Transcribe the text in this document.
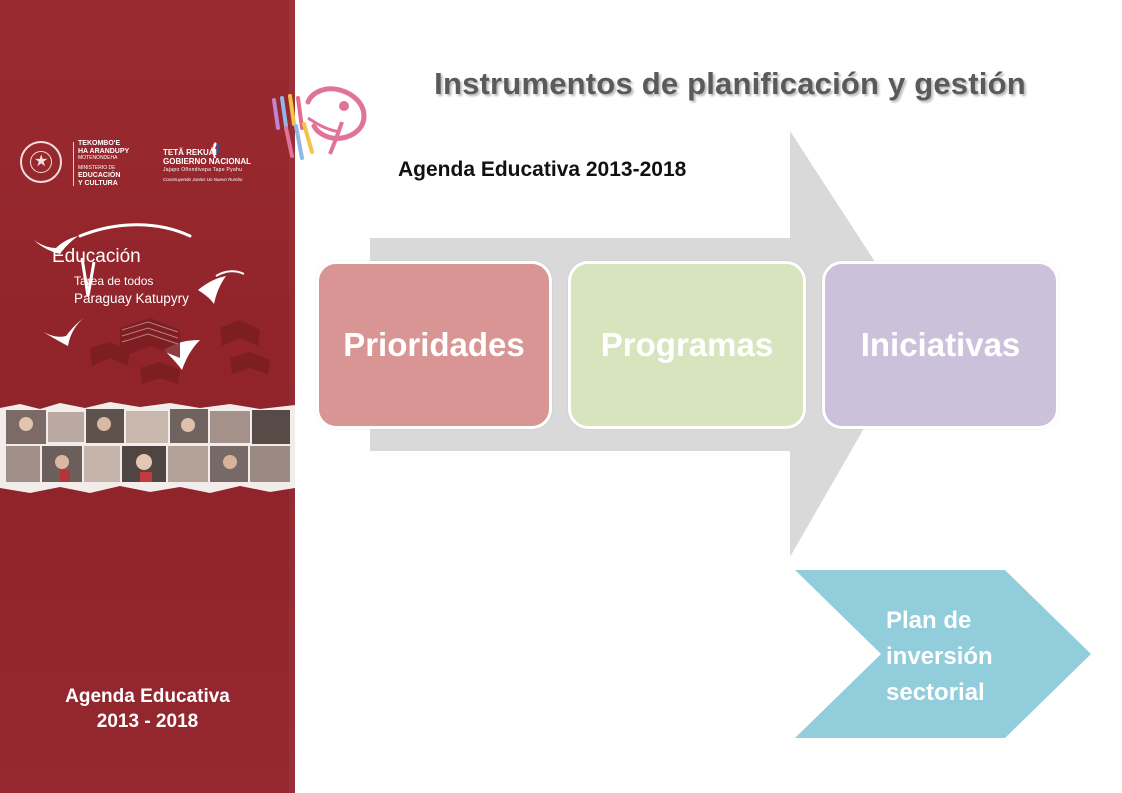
★
TEKOMBO'E
HA ARANDUPY
MOTENONDEHA
MINISTERIO DE
EDUCACIÓN
Y CULTURA
TETÃ REKUÁI
GOBIERNO NACIONAL
Jajapo Oñondivepa Tape Pyahu
Construyendo Juntos Un Nuevo Rumbo
Educación
Tarea de todos
Paraguay Katupyry
Agenda Educativa
2013 - 2018
Instrumentos de planificación y gestión
Agenda Educativa 2013-2018
Prioridades Programas	Iniciativas
Plan de
inversión
sectorial
